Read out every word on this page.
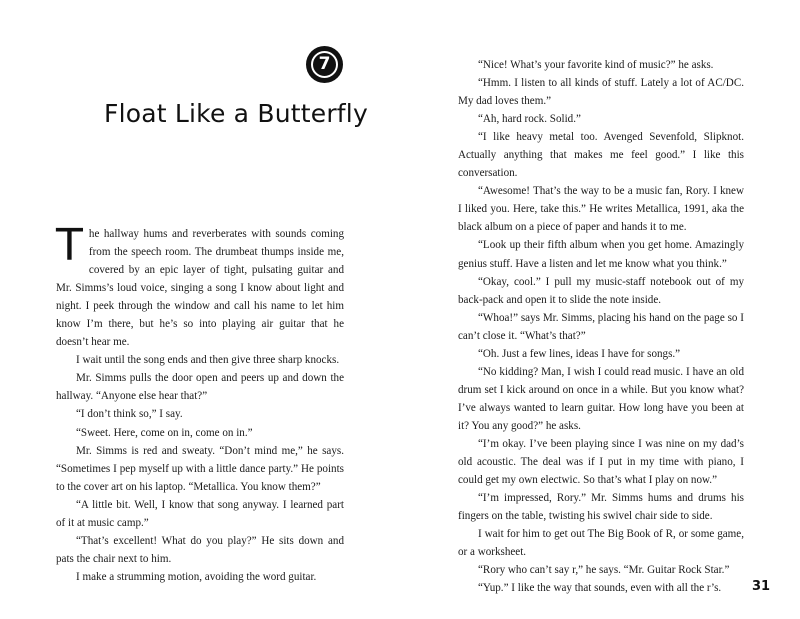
7
Float Like a Butterfly

The hallway hums and reverberates with sounds coming from the speech room. The drumbeat thumps inside me, covered by an epic layer of tight, pulsating guitar and Mr. Simms’s loud voice, singing a song I know about light and night. I peek through the window and call his name to let him know I’m there, but he’s so into playing air guitar that he doesn’t hear me.

I wait until the song ends and then give three sharp knocks.

Mr. Simms pulls the door open and peers up and down the hallway. “Anyone else hear that?”

“I don’t think so,” I say.

“Sweet. Here, come on in, come on in.”

Mr. Simms is red and sweaty. “Don’t mind me,” he says. “Sometimes I pep myself up with a little dance party.” He points to the cover art on his laptop. “Metallica. You know them?”

“A little bit. Well, I know that song anyway. I learned part of it at music camp.”

“That’s excellent! What do you play?” He sits down and pats the chair next to him.

I make a strumming motion, avoiding the word guitar.

“Nice! What’s your favorite kind of music?” he asks.

“Hmm. I listen to all kinds of stuff. Lately a lot of AC/DC. My dad loves them.”

“Ah, hard rock. Solid.”

“I like heavy metal too. Avenged Sevenfold, Slipknot. Actually anything that makes me feel good.” I like this conversation.

“Awesome! That’s the way to be a music fan, Rory. I knew I liked you. Here, take this.” He writes Metallica, 1991, aka the black album on a piece of paper and hands it to me.

“Look up their fifth album when you get home. Amazingly genius stuff. Have a listen and let me know what you think.”

“Okay, cool.” I pull my music-staff notebook out of my back-pack and open it to slide the note inside.

“Whoa!” says Mr. Simms, placing his hand on the page so I can’t close it. “What’s that?”

“Oh. Just a few lines, ideas I have for songs.”

“No kidding? Man, I wish I could read music. I have an old drum set I kick around on once in a while. But you know what? I’ve always wanted to learn guitar. How long have you been at it? You any good?” he asks.

“I’m okay. I’ve been playing since I was nine on my dad’s old acoustic. The deal was if I put in my time with piano, I could get my own electwic. So that’s what I play on now.”

“I’m impressed, Rory.” Mr. Simms hums and drums his fingers on the table, twisting his swivel chair side to side.

I wait for him to get out The Big Book of R, or some game, or a worksheet.

“Rory who can’t say r,” he says. “Mr. Guitar Rock Star.”

“Yup.” I like the way that sounds, even with all the r’s.	31
